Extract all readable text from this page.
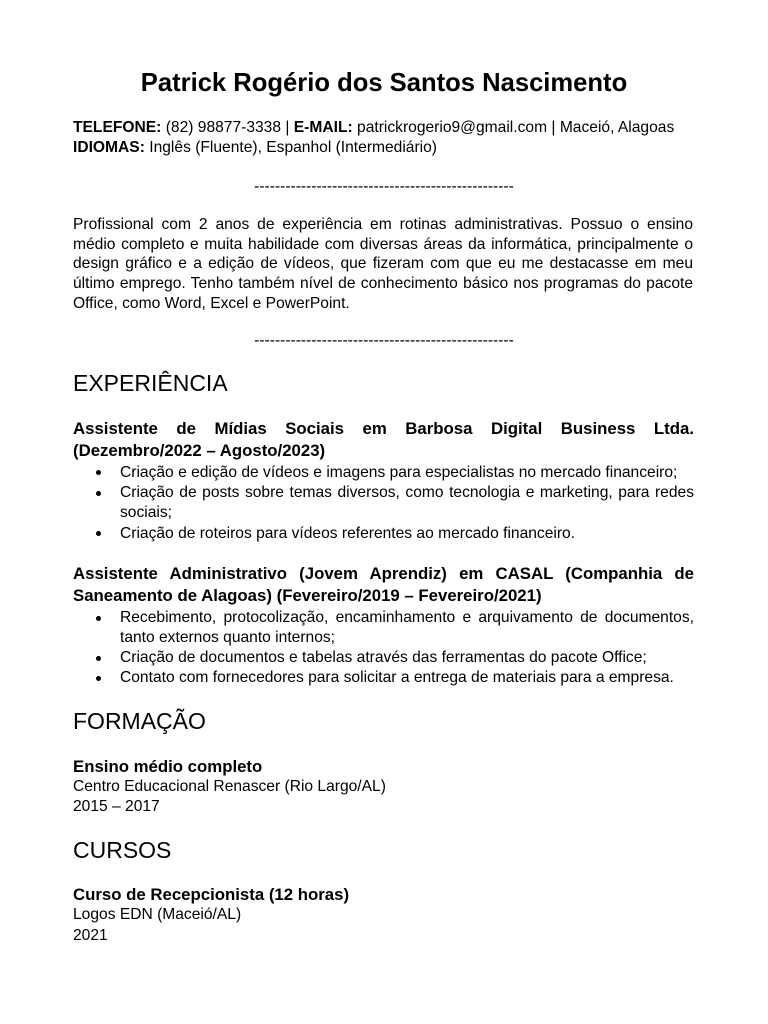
Patrick Rogério dos Santos Nascimento
TELEFONE: (82) 98877-3338 | E-MAIL: patrickrogerio9@gmail.com | Maceió, Alagoas
IDIOMAS: Inglês (Fluente), Espanhol (Intermediário)
--------------------------------------------------
Profissional com 2 anos de experiência em rotinas administrativas. Possuo o ensino médio completo e muita habilidade com diversas áreas da informática, principalmente o design gráfico e a edição de vídeos, que fizeram com que eu me destacasse em meu último emprego. Tenho também nível de conhecimento básico nos programas do pacote Office, como Word, Excel e PowerPoint.
--------------------------------------------------
EXPERIÊNCIA
Assistente de Mídias Sociais em Barbosa Digital Business Ltda. (Dezembro/2022 – Agosto/2023)
Criação e edição de vídeos e imagens para especialistas no mercado financeiro;
Criação de posts sobre temas diversos, como tecnologia e marketing, para redes sociais;
Criação de roteiros para vídeos referentes ao mercado financeiro.
Assistente Administrativo (Jovem Aprendiz) em CASAL (Companhia de Saneamento de Alagoas) (Fevereiro/2019 – Fevereiro/2021)
Recebimento, protocolização, encaminhamento e arquivamento de documentos, tanto externos quanto internos;
Criação de documentos e tabelas através das ferramentas do pacote Office;
Contato com fornecedores para solicitar a entrega de materiais para a empresa.
FORMAÇÃO
Ensino médio completo
Centro Educacional Renascer (Rio Largo/AL)
2015 – 2017
CURSOS
Curso de Recepcionista (12 horas)
Logos EDN (Maceió/AL)
2021
